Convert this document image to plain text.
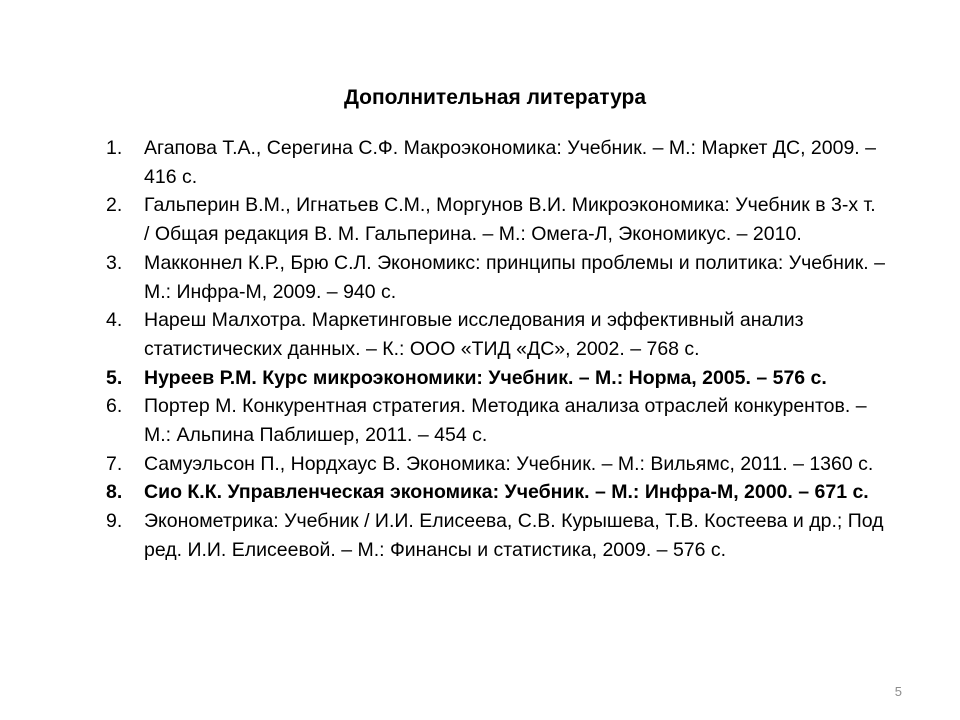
Дополнительная литература
1. Агапова Т.А., Серегина С.Ф. Макроэкономика: Учебник. – М.: Маркет ДС, 2009. – 416 с.
2. Гальперин В.М., Игнатьев С.М., Моргунов В.И. Микроэкономика: Учебник в 3-х т. / Общая редакция В. М. Гальперина. – М.: Омега-Л, Экономикус. – 2010.
3. Макконнел К.Р., Брю С.Л. Экономикс: принципы проблемы и политика: Учебник. – М.: Инфра-М, 2009. – 940 с.
4. Нареш Малхотра. Маркетинговые исследования и эффективный анализ статистических данных. – К.: ООО «ТИД «ДС», 2002. – 768 с.
5. Нуреев Р.М. Курс микроэкономики: Учебник. – М.: Норма, 2005. – 576 с.
6. Портер М. Конкурентная стратегия. Методика анализа отраслей конкурентов. – М.: Альпина Паблишер, 2011. – 454 с.
7. Самуэльсон П., Нордхаус В. Экономика: Учебник. – М.: Вильямс, 2011. – 1360 с.
8. Сио К.К. Управленческая экономика: Учебник. – М.: Инфра-М, 2000. – 671 с.
9. Эконометрика: Учебник / И.И. Елисеева, С.В. Курышева, Т.В. Костеева и др.; Под ред. И.И. Елисеевой. – М.: Финансы и статистика, 2009. – 576 с.
5
